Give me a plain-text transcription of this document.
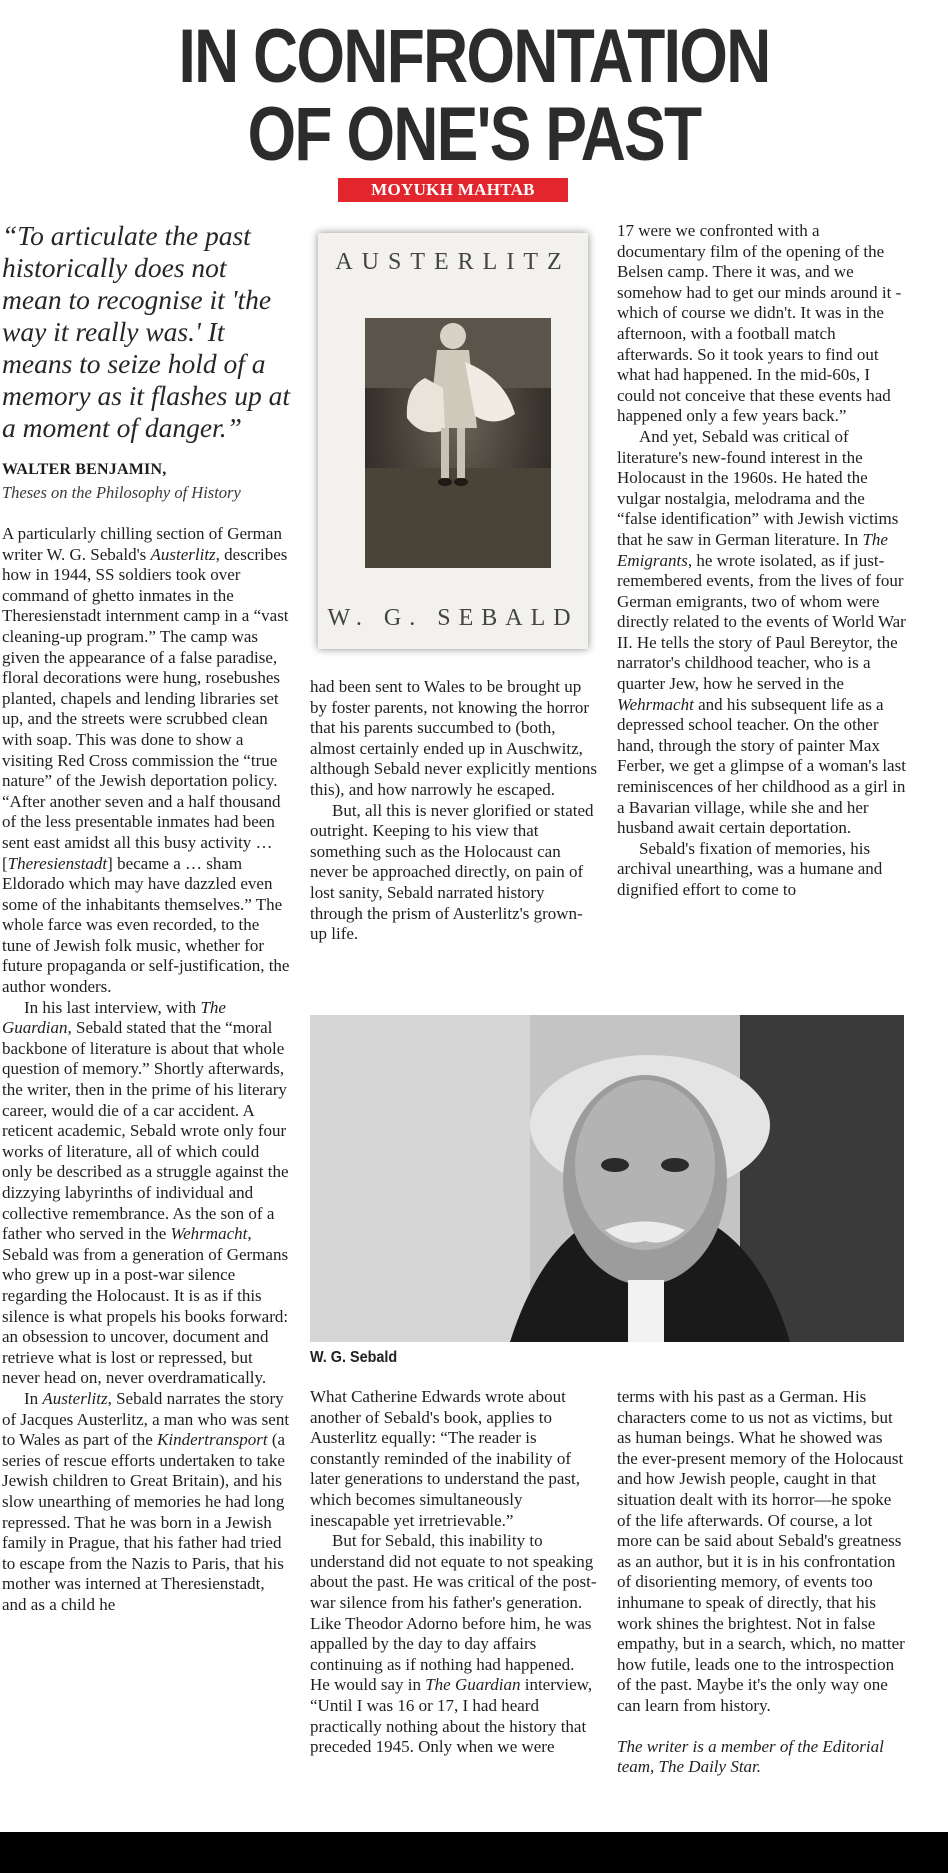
IN CONFRONTATION
OF ONE'S PAST
MOYUKH MAHTAB
“To articulate the past historically does not mean to recognise it 'the way it really was.' It means to seize hold of a memory as it flashes up at a moment of danger.”
WALTER BENJAMIN,
Theses on the Philosophy of History

A particularly chilling section of German writer W. G. Sebald's Austerlitz, describes how in 1944, SS soldiers took over command of ghetto inmates in the Theresienstadt internment camp in a “vast cleaning-up program.” The camp was given the appearance of a false paradise, floral decorations were hung, rosebushes planted, chapels and lending libraries set up, and the streets were scrubbed clean with soap. This was done to show a visiting Red Cross commission the “true nature” of the Jewish deportation policy. “After another seven and a half thousand of the less presentable inmates had been sent east amidst all this busy activity … [Theresienstadt] became a … sham Eldorado which may have dazzled even some of the inhabitants themselves.” The whole farce was even recorded, to the tune of Jewish folk music, whether for future propaganda or self-justification, the author wonders.

In his last interview, with The Guardian, Sebald stated that the “moral backbone of literature is about that whole question of memory.” Shortly afterwards, the writer, then in the prime of his literary career, would die of a car accident. A reticent academic, Sebald wrote only four works of literature, all of which could only be described as a struggle against the dizzying labyrinths of individual and collective remembrance. As the son of a father who served in the Wehrmacht, Sebald was from a generation of Germans who grew up in a post-war silence regarding the Holocaust. It is as if this silence is what propels his books forward: an obsession to uncover, document and retrieve what is lost or repressed, but never head on, never overdramatically.

In Austerlitz, Sebald narrates the story of Jacques Austerlitz, a man who was sent to Wales as part of the Kindertransport (a series of rescue efforts undertaken to take Jewish children to Great Britain), and his slow unearthing of memories he had long repressed. That he was born in a Jewish family in Prague, that his father had tried to escape from the Nazis to Paris, that his mother was interned at Theresienstadt, and as a child he

AUSTERLITZ
W. G. SEBALD

had been sent to Wales to be brought up by foster parents, not knowing the horror that his parents succumbed to (both, almost certainly ended up in Auschwitz, although Sebald never explicitly mentions this), and how narrowly he escaped.

But, all this is never glorified or stated outright. Keeping to his view that something such as the Holocaust can never be approached directly, on pain of lost sanity, Sebald narrated history through the prism of Austerlitz's grown-up life.

17 were we confronted with a documentary film of the opening of the Belsen camp. There it was, and we somehow had to get our minds around it - which of course we didn't. It was in the afternoon, with a football match afterwards. So it took years to find out what had happened. In the mid-60s, I could not conceive that these events had happened only a few years back.”

And yet, Sebald was critical of literature's new-found interest in the Holocaust in the 1960s. He hated the vulgar nostalgia, melodrama and the “false identification” with Jewish victims that he saw in German literature. In The Emigrants, he wrote isolated, as if just-remembered events, from the lives of four German emigrants, two of whom were directly related to the events of World War II. He tells the story of Paul Bereytor, the narrator's childhood teacher, who is a quarter Jew, how he served in the Wehrmacht and his subsequent life as a depressed school teacher. On the other hand, through the story of painter Max Ferber, we get a glimpse of a woman's last reminiscences of her childhood as a girl in a Bavarian village, while she and her husband await certain deportation.

Sebald's fixation of memories, his archival unearthing, was a humane and dignified effort to come to

W. G. Sebald

What Catherine Edwards wrote about another of Sebald's book, applies to Austerlitz equally: “The reader is constantly reminded of the inability of later generations to understand the past, which becomes simultaneously inescapable yet irretrievable.”

But for Sebald, this inability to understand did not equate to not speaking about the past. He was critical of the post-war silence from his father's generation. Like Theodor Adorno before him, he was appalled by the day to day affairs continuing as if nothing had happened. He would say in The Guardian interview, “Until I was 16 or 17, I had heard practically nothing about the history that preceded 1945. Only when we were

terms with his past as a German. His characters come to us not as victims, but as human beings. What he showed was the ever-present memory of the Holocaust and how Jewish people, caught in that situation dealt with its horror—he spoke of the life afterwards. Of course, a lot more can be said about Sebald's greatness as an author, but it is in his confrontation of disorienting memory, of events too inhumane to speak of directly, that his work shines the brightest. Not in false empathy, but in a search, which, no matter how futile, leads one to the introspection of the past. Maybe it's the only way one can learn from history.

The writer is a member of the Editorial team, The Daily Star.
